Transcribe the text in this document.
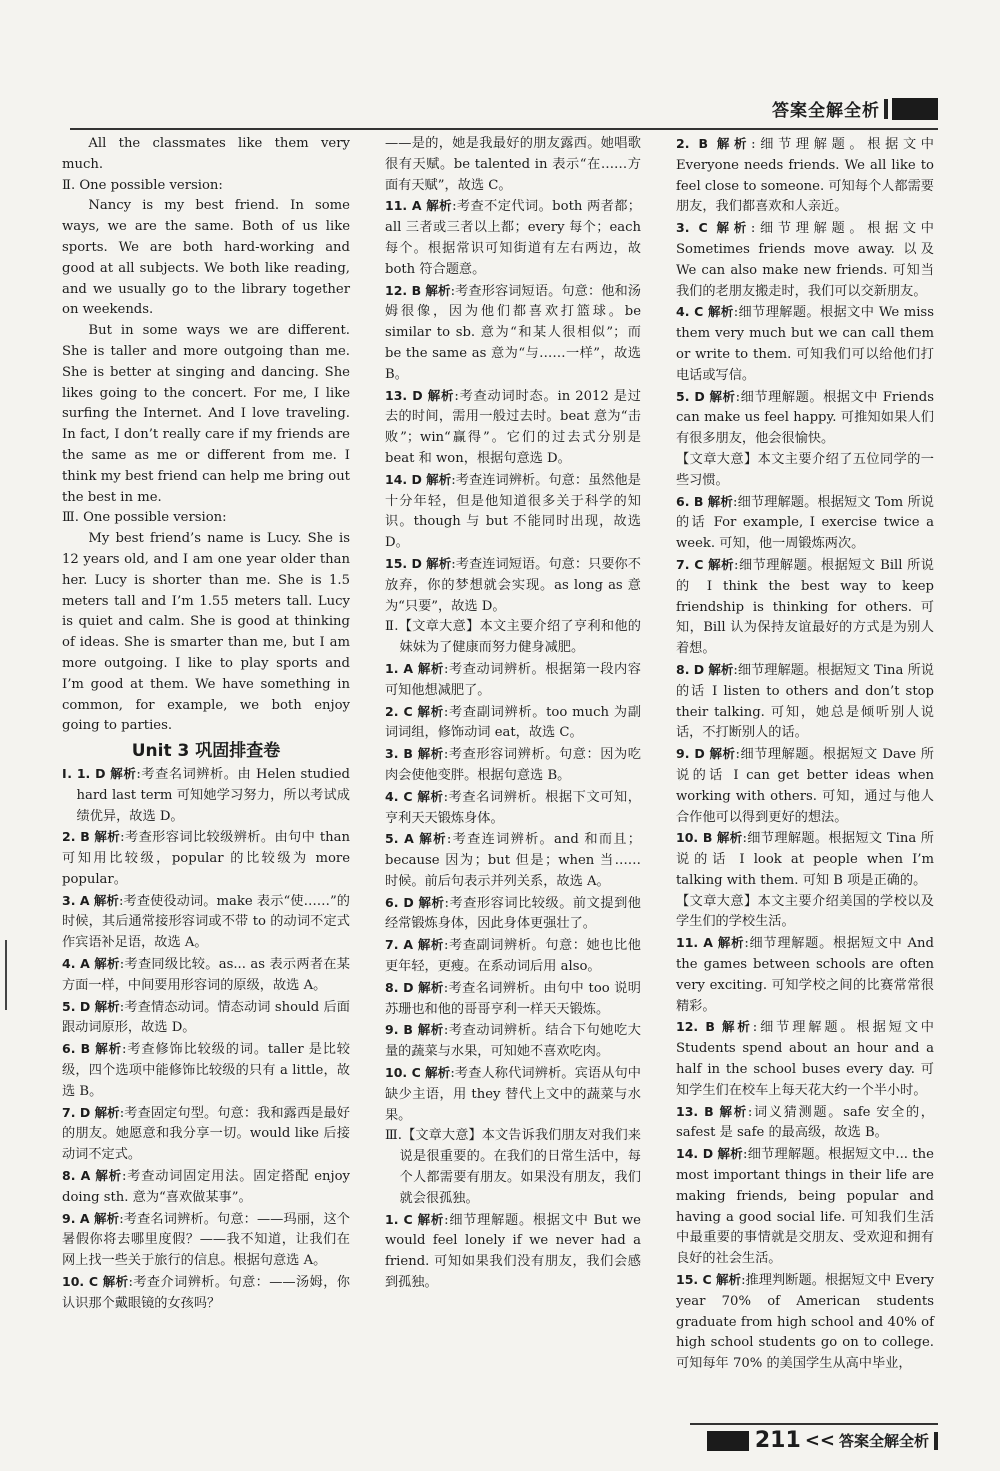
答案全解全析

All the classmates like them very much.

Ⅱ. One possible version:

Nancy is my best friend. In some ways, we are the same. Both of us like sports. We are both hard-working and good at all subjects. We both like reading, and we usually go to the library together on weekends.

But in some ways we are different. She is taller and more outgoing than me. She is better at singing and dancing. She likes going to the concert. For me, I like surfing the Internet. And I love traveling. In fact, I don’t really care if my friends are the same as me or different from me. I think my best friend can help me bring out the best in me.

Ⅲ. One possible version:

My best friend’s name is Lucy. She is 12 years old, and I am one year older than her. Lucy is shorter than me. She is 1.5 meters tall and I’m 1.55 meters tall. Lucy is quiet and calm. She is good at thinking of ideas. She is smarter than me, but I am more outgoing. I like to play sports and I’m good at them. We have something in common, for example, we both enjoy going to parties.

Unit 3 巩固排查卷

Ⅰ. 1. D 解析:考查名词辨析。由 Helen studied hard last term 可知她学习努力，所以考试成绩优异，故选 D。

2. B 解析:考查形容词比较级辨析。由句中 than 可知用比较级，popular 的比较级为 more popular。

3. A 解析:考查使役动词。make 表示“使……”的时候，其后通常接形容词或不带 to 的动词不定式作宾语补足语，故选 A。

4. A 解析:考查同级比较。as... as 表示两者在某方面一样，中间要用形容词的原级，故选 A。

5. D 解析:考查情态动词。情态动词 should 后面跟动词原形，故选 D。

6. B 解析:考查修饰比较级的词。taller 是比较级，四个选项中能修饰比较级的只有 a little，故选 B。

7. D 解析:考查固定句型。句意：我和露西是最好的朋友。她愿意和我分享一切。would like 后接动词不定式。

8. A 解析:考查动词固定用法。固定搭配 enjoy doing sth. 意为“喜欢做某事”。

9. A 解析:考查名词辨析。句意：——玛丽，这个暑假你将去哪里度假？——我不知道，让我们在网上找一些关于旅行的信息。根据句意选 A。

10. C 解析:考查介词辨析。句意：——汤姆，你认识那个戴眼镜的女孩吗？

——是的，她是我最好的朋友露西。她唱歌很有天赋。be talented in 表示“在……方面有天赋”，故选 C。

11. A 解析:考查不定代词。both 两者都；all 三者或三者以上都；every 每个；each 每个。根据常识可知街道有左右两边，故 both 符合题意。

12. B 解析:考查形容词短语。句意：他和汤姆很像，因为他们都喜欢打篮球。be similar to sb. 意为“和某人很相似”；而 be the same as 意为“与……一样”，故选 B。

13. D 解析:考查动词时态。in 2012 是过去的时间，需用一般过去时。beat 意为“击败”；win“赢得”。它们的过去式分别是 beat 和 won，根据句意选 D。

14. D 解析:考查连词辨析。句意：虽然他是十分年轻，但是他知道很多关于科学的知识。though 与 but 不能同时出现，故选 D。

15. D 解析:考查连词短语。句意：只要你不放弃，你的梦想就会实现。as long as 意为“只要”，故选 D。

Ⅱ.【文章大意】本文主要介绍了亨利和他的妹妹为了健康而努力健身减肥。

1. A 解析:考查动词辨析。根据第一段内容可知他想减肥了。

2. C 解析:考查副词辨析。too much 为副词词组，修饰动词 eat，故选 C。

3. B 解析:考查形容词辨析。句意：因为吃肉会使他变胖。根据句意选 B。

4. C 解析:考查名词辨析。根据下文可知，亨利天天锻炼身体。

5. A 解析:考查连词辨析。and 和而且；because 因为；but 但是；when 当……时候。前后句表示并列关系，故选 A。

6. D 解析:考查形容词比较级。前文提到他经常锻炼身体，因此身体更强壮了。

7. A 解析:考查副词辨析。句意：她也比他更年轻，更瘦。在系动词后用 also。

8. D 解析:考查名词辨析。由句中 too 说明苏珊也和他的哥哥亨利一样天天锻炼。

9. B 解析:考查动词辨析。结合下句她吃大量的蔬菜与水果，可知她不喜欢吃肉。

10. C 解析:考查人称代词辨析。宾语从句中缺少主语，用 they 替代上文中的蔬菜与水果。

Ⅲ.【文章大意】本文告诉我们朋友对我们来说是很重要的。在我们的日常生活中，每个人都需要有朋友。如果没有朋友，我们就会很孤独。

1. C 解析:细节理解题。根据文中 But we would feel lonely if we never had a friend. 可知如果我们没有朋友，我们会感到孤独。

2. B 解析:细节理解题。根据文中 Everyone needs friends. We all like to feel close to someone. 可知每个人都需要朋友，我们都喜欢和人亲近。

3. C 解析:细节理解题。根据文中 Sometimes friends move away. 以及 We can also make new friends. 可知当我们的老朋友搬走时，我们可以交新朋友。

4. C 解析:细节理解题。根据文中 We miss them very much but we can call them or write to them. 可知我们可以给他们打电话或写信。

5. D 解析:细节理解题。根据文中 Friends can make us feel happy. 可推知如果人们有很多朋友，他会很愉快。

【文章大意】本文主要介绍了五位同学的一些习惯。

6. B 解析:细节理解题。根据短文 Tom 所说的话 For example, I exercise twice a week. 可知，他一周锻炼两次。

7. C 解析:细节理解题。根据短文 Bill 所说的 I think the best way to keep friendship is thinking for others. 可知，Bill 认为保持友谊最好的方式是为别人着想。

8. D 解析:细节理解题。根据短文 Tina 所说的话 I listen to others and don’t stop their talking. 可知，她总是倾听别人说话，不打断别人的话。

9. D 解析:细节理解题。根据短文 Dave 所说的话 I can get better ideas when working with others. 可知，通过与他人合作他可以得到更好的想法。

10. B 解析:细节理解题。根据短文 Tina 所说的话 I look at people when I’m talking with them. 可知 B 项是正确的。

【文章大意】本文主要介绍美国的学校以及学生们的学校生活。

11. A 解析:细节理解题。根据短文中 And the games between schools are often very exciting. 可知学校之间的比赛常常很精彩。

12. B 解析:细节理解题。根据短文中 Students spend about an hour and a half in the school buses every day. 可知学生们在校车上每天花大约一个半小时。

13. B 解析:词义猜测题。safe 安全的，safest 是 safe 的最高级，故选 B。

14. D 解析:细节理解题。根据短文中... the most important things in their life are making friends, being popular and having a good social life. 可知我们生活中最重要的事情就是交朋友、受欢迎和拥有良好的社会生活。

15. C 解析:推理判断题。根据短文中 Every year 70% of American students graduate from high school and 40% of high school students go on to college. 可知每年 70% 的美国学生从高中毕业，

211 << 答案全解全析
